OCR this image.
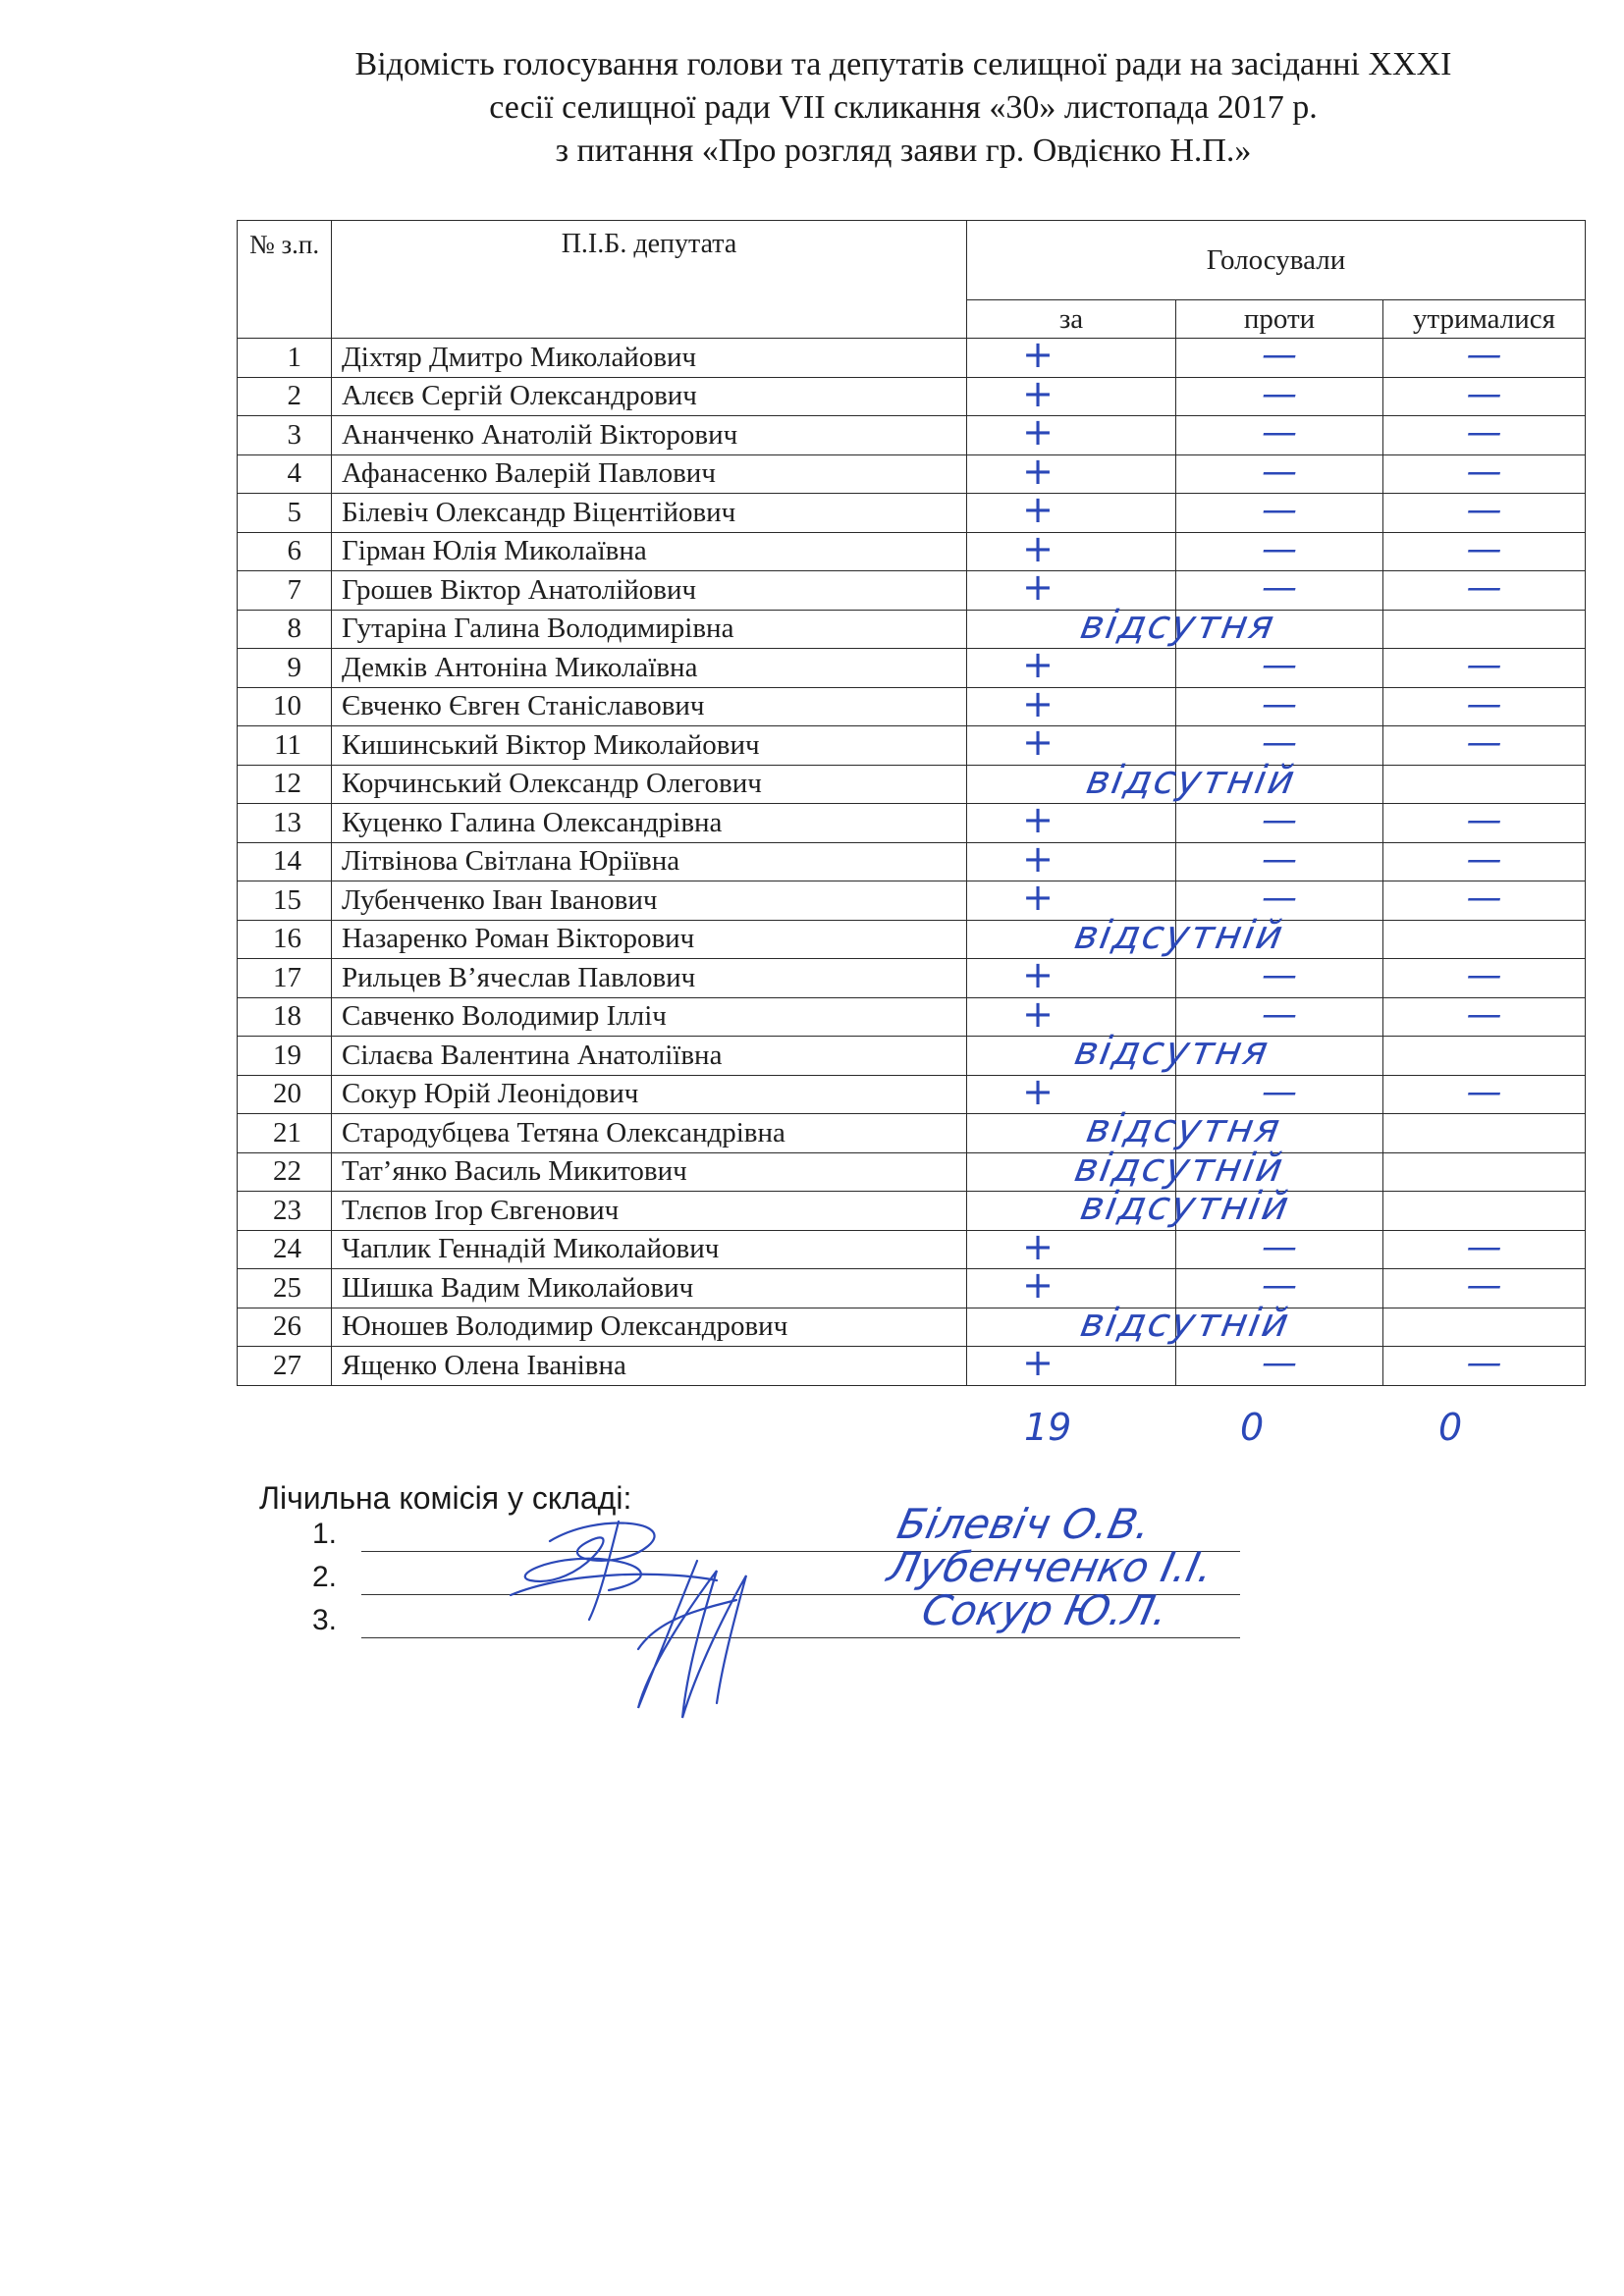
Відомість голосування голови та депутатів селищної ради на засіданні XXXI
сесії селищної ради VII скликання «30» листопада 2017 р.
з питання «Про розгляд заяви гр. Овдієнко Н.П.»
№ з.п.	П.І.Б. депутата	Голосували		
		за	проти	утрималися
1	Діхтяр Дмитро Миколайович	+	—	—
2	Алєєв Сергій Олександрович	+	—	—
3	Ананченко Анатолій Вікторович	+	—	—
4	Афанасенко Валерій Павлович	+	—	—
5	Білевіч Олександр Віцентійович	+	—	—
6	Гірман Юлія Миколаївна	+	—	—
7	Грошев Віктор Анатолійович	+	—	—
8	Гутаріна Галина Володимирівна	відсутня		

9	Демків Антоніна Миколаївна	+	—	—
10	Євченко Євген Станіславович	+	—	—
11	Кишинський Віктор Миколайович	+	—	—
12	Корчинський Олександр Олегович	відсутній		

13	Куценко Галина Олександрівна	+	—	—
14	Літвінова Світлана Юріївна	+	—	—
15	Лубенченко Іван Іванович	+	—	—
16	Назаренко Роман Вікторович	відсутній		

17	Рильцев В’ячеслав Павлович	+	—	—
18	Савченко Володимир Ілліч	+	—	—
19	Сілаєва Валентина Анатоліївна	відсутня		

20	Сокур Юрій Леонідович	+	—	—
21	Стародубцева Тетяна Олександрівна	відсутня		

22	Тат’янко Василь Микитович	відсутній		

23	Тлєпов Ігор Євгенович	відсутній		

24	Чаплик Геннадій Миколайович	+	—	—
25	Шишка Вадим Миколайович	+	—	—
26	Юношев Володимир Олександрович	відсутній		

27	Ященко Олена Іванівна	+	—	—
19	0	0
Лічильна комісія у складі:
1.	Білевіч О.В.
2.	Лубенченко І.І.
3.	Сокур Ю.Л.
